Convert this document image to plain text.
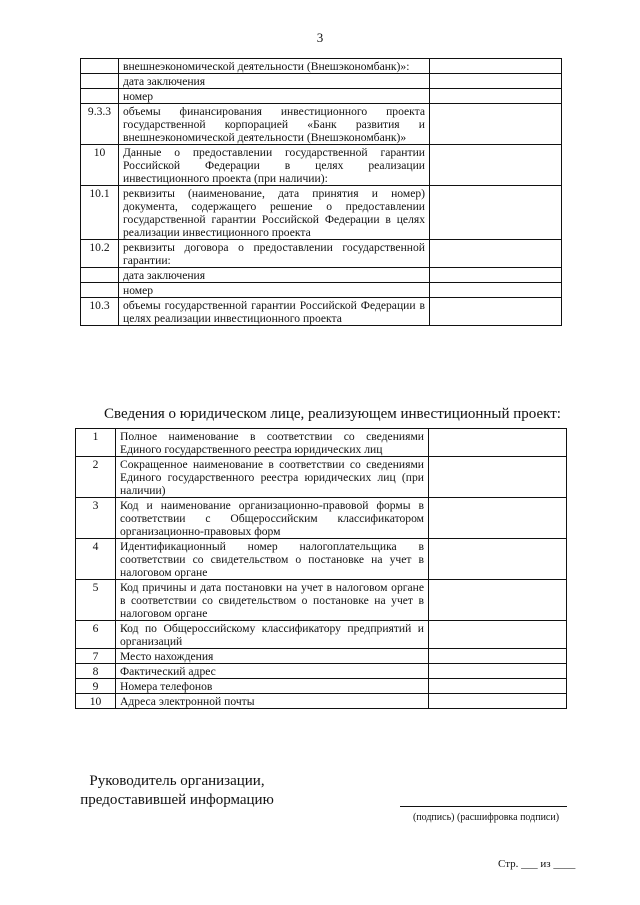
3
	внешнеэкономической деятельности (Внешэкономбанк)»:	
	дата заключения	
	номер	
9.3.3	объемы финансирования инвестиционного проекта государственной корпорацией «Банк развития и внешнеэкономической деятельности (Внешэкономбанк)»	
10	Данные о предоставлении государственной гарантии Российской Федерации в целях реализации инвестиционного проекта (при наличии):	
10.1	реквизиты (наименование, дата принятия и номер) документа, содержащего решение о предоставлении государственной гарантии Российской Федерации в целях реализации инвестиционного проекта	
10.2	реквизиты договора о предоставлении государственной гарантии:	
	дата заключения	
	номер	
10.3	объемы государственной гарантии Российской Федерации в целях реализации инвестиционного проекта	
Сведения о юридическом лице, реализующем инвестиционный проект:
1	Полное наименование в соответствии со сведениями Единого государственного реестра юридических лиц	
2	Сокращенное наименование в соответствии со сведениями Единого государственного реестра юридических лиц (при наличии)	
3	Код и наименование организационно-правовой формы в соответствии с Общероссийским классификатором организационно-правовых форм	
4	Идентификационный номер налогоплательщика в соответствии со свидетельством о постановке на учет в налоговом органе	
5	Код причины и дата постановки на учет в налоговом органе в соответствии со свидетельством о постановке на учет в налоговом органе	
6	Код по Общероссийскому классификатору предприятий и организаций	
7	Место нахождения	
8	Фактический адрес	
9	Номера телефонов	
10	Адреса электронной почты	
Руководитель организации,
предоставившей информацию
(подпись) (расшифровка подписи)
Стр. ___ из ____
